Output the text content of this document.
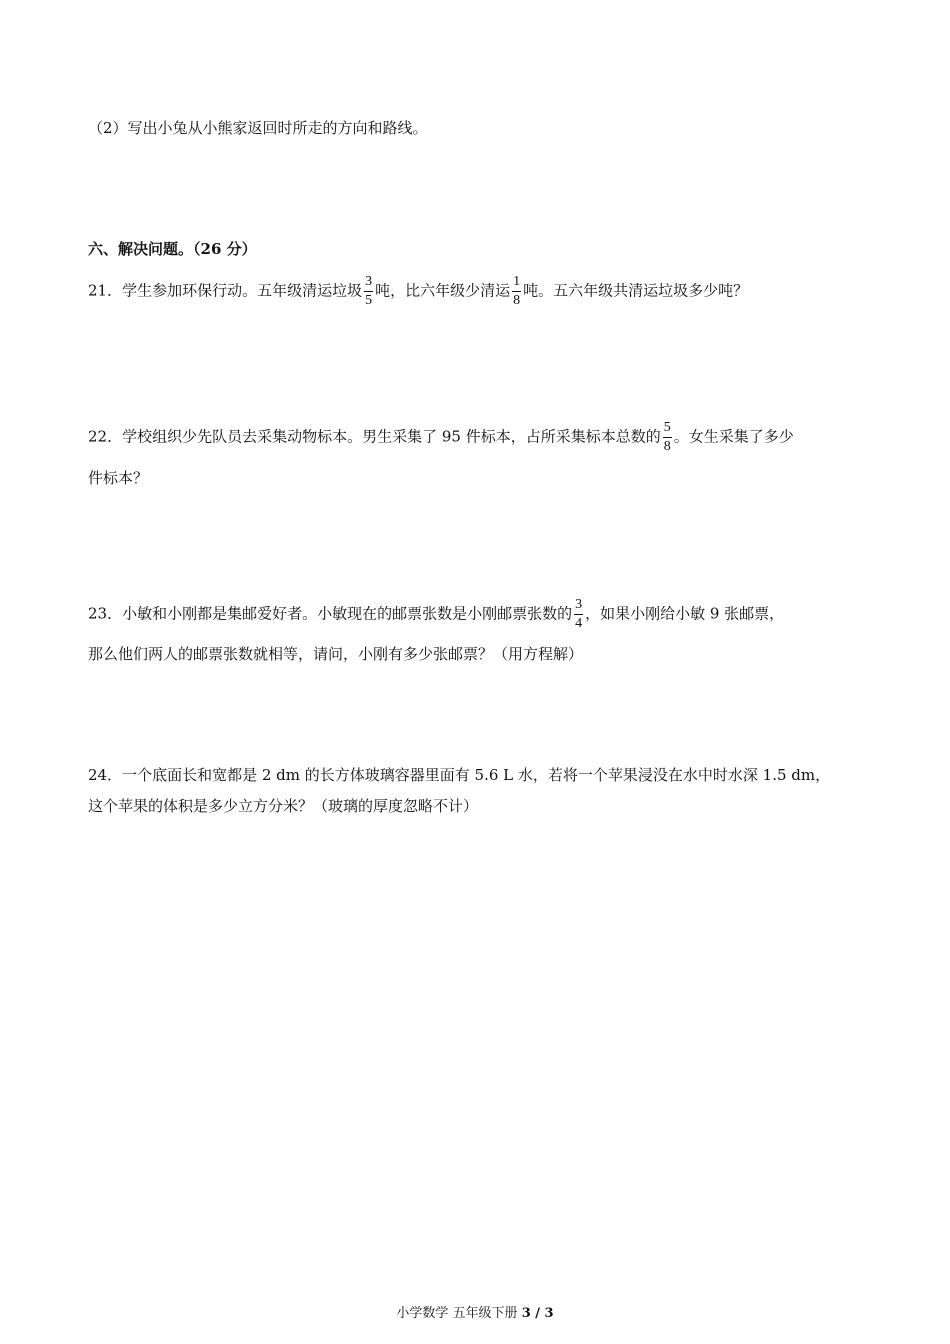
（2）写出小兔从小熊家返回时所走的方向和路线。
六、解决问题。（26 分）
21．学生参加环保行动。五年级清运垃圾 $\frac{3}{5}$ 吨，比六年级少清运 $\frac{1}{8}$ 吨。五六年级共清运垃圾多少吨？
22．学校组织少先队员去采集动物标本。男生采集了 95 件标本，占所采集标本总数的 $\frac{5}{8}$ 。女生采集了多少
件标本？
23．小敏和小刚都是集邮爱好者。小敏现在的邮票张数是小刚邮票张数的 $\frac{3}{4}$ ，如果小刚给小敏 9 张邮票，
那么他们两人的邮票张数就相等，请问，小刚有多少张邮票？（用方程解）
24．一个底面长和宽都是 2 dm 的长方体玻璃容器里面有 5.6 L 水，若将一个苹果浸没在水中时水深 1.5 dm，
这个苹果的体积是多少立方分米？（玻璃的厚度忽略不计）
小学数学 五年级下册 3 / 3
